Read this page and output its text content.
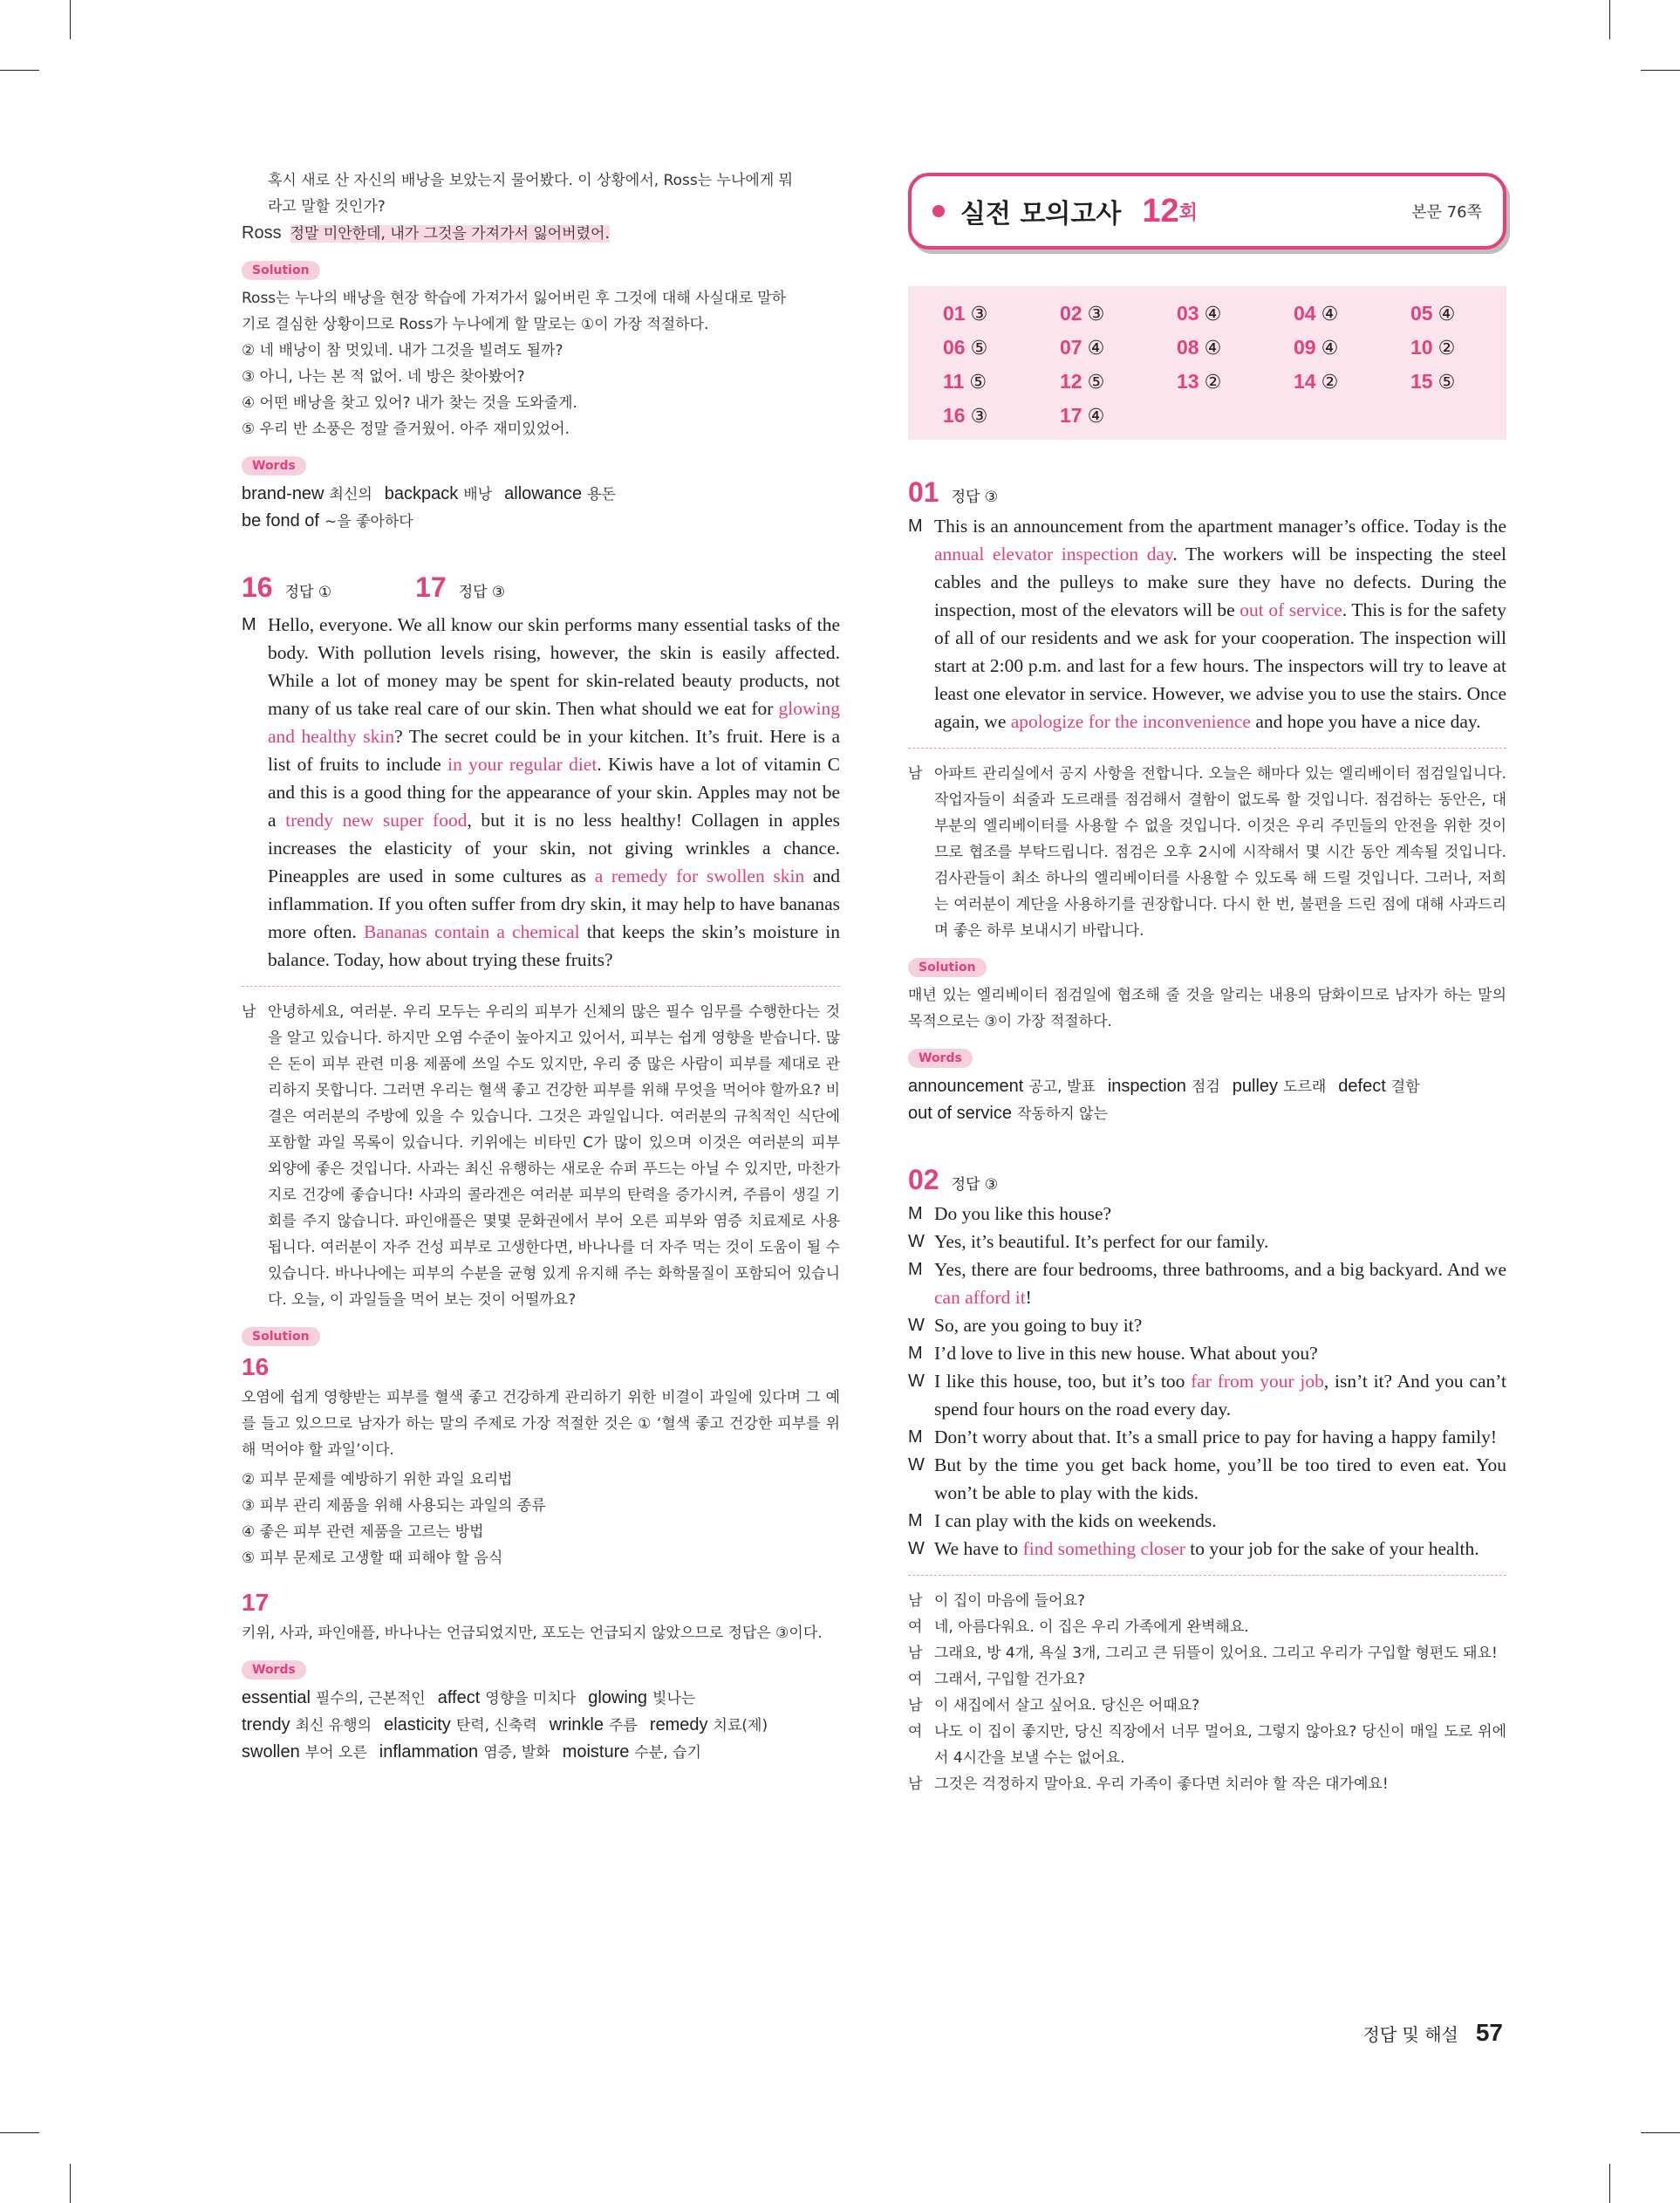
혹시 새로 산 자신의 배낭을 보았는지 물어봤다. 이 상황에서, Ross는 누나에게 뭐
라고 말할 것인가?
Ross 정말 미안한데, 내가 그것을 가져가서 잃어버렸어.
Solution
Ross는 누나의 배낭을 현장 학습에 가져가서 잃어버린 후 그것에 대해 사실대로 말하
기로 결심한 상황이므로 Ross가 누나에게 할 말로는 ①이 가장 적절하다.
② 네 배낭이 참 멋있네. 내가 그것을 빌려도 될까?
③ 아니, 나는 본 적 없어. 네 방은 찾아봤어?
④ 어떤 배낭을 찾고 있어? 내가 찾는 것을 도와줄게.
⑤ 우리 반 소풍은 정말 즐거웠어. 아주 재미있었어.
Words
brand-new 최신의 backpack 배낭 allowance 용돈
be fond of ~을 좋아하다
16 정답 ①	17 정답 ③
M Hello, everyone. We all know our skin performs many essential tasks of the body. With pollution levels rising, however, the skin is easily affected. While a lot of money may be spent for skin-related beauty products, not many of us take real care of our skin. Then what should we eat for glowing and healthy skin? The secret could be in your kitchen. It’s fruit. Here is a list of fruits to include in your regular diet. Kiwis have a lot of vitamin C and this is a good thing for the appearance of your skin. Apples may not be a trendy new super food, but it is no less healthy! Collagen in apples increases the elasticity of your skin, not giving wrinkles a chance. Pineapples are used in some cultures as a remedy for swollen skin and inflammation. If you often suffer from dry skin, it may help to have bananas more often. Bananas contain a chemical that keeps the skin’s moisture in balance. Today, how about trying these fruits?
남 안녕하세요, 여러분. 우리 모두는 우리의 피부가 신체의 많은 필수 임무를 수행한다는 것을 알고 있습니다. 하지만 오염 수준이 높아지고 있어서, 피부는 쉽게 영향을 받습니다. 많은 돈이 피부 관련 미용 제품에 쓰일 수도 있지만, 우리 중 많은 사람이 피부를 제대로 관리하지 못합니다. 그러면 우리는 혈색 좋고 건강한 피부를 위해 무엇을 먹어야 할까요? 비결은 여러분의 주방에 있을 수 있습니다. 그것은 과일입니다. 여러분의 규칙적인 식단에 포함할 과일 목록이 있습니다. 키위에는 비타민 C가 많이 있으며 이것은 여러분의 피부 외양에 좋은 것입니다. 사과는 최신 유행하는 새로운 슈퍼 푸드는 아닐 수 있지만, 마찬가지로 건강에 좋습니다! 사과의 콜라겐은 여러분 피부의 탄력을 증가시켜, 주름이 생길 기회를 주지 않습니다. 파인애플은 몇몇 문화권에서 부어 오른 피부와 염증 치료제로 사용됩니다. 여러분이 자주 건성 피부로 고생한다면, 바나나를 더 자주 먹는 것이 도움이 될 수 있습니다. 바나나에는 피부의 수분을 균형 있게 유지해 주는 화학물질이 포함되어 있습니다. 오늘, 이 과일들을 먹어 보는 것이 어떨까요?
Solution
16
오염에 쉽게 영향받는 피부를 혈색 좋고 건강하게 관리하기 위한 비결이 과일에 있다며 그 예를 들고 있으므로 남자가 하는 말의 주제로 가장 적절한 것은 ① ‘혈색 좋고 건강한 피부를 위해 먹어야 할 과일’이다.
② 피부 문제를 예방하기 위한 과일 요리법
③ 피부 관리 제품을 위해 사용되는 과일의 종류
④ 좋은 피부 관련 제품을 고르는 방법
⑤ 피부 문제로 고생할 때 피해야 할 음식
17
키위, 사과, 파인애플, 바나나는 언급되었지만, 포도는 언급되지 않았으므로 정답은 ③이다.
Words
essential 필수의, 근본적인 affect 영향을 미치다 glowing 빛나는
trendy 최신 유행의 elasticity 탄력, 신축력 wrinkle 주름 remedy 치료(제)
swollen 부어 오른 inflammation 염증, 발화 moisture 수분, 습기
실전 모의고사 12 회	본문 76쪽
01 ③	02 ③	03 ④	04 ④	05 ④
06 ⑤	07 ④	08 ④	09 ④	10 ②
11 ⑤	12 ⑤	13 ②	14 ②	15 ⑤
16 ③	17 ④
01 정답 ③
M This is an announcement from the apartment manager’s office. Today is the annual elevator inspection day. The workers will be inspecting the steel cables and the pulleys to make sure they have no defects. During the inspection, most of the elevators will be out of service. This is for the safety of all of our residents and we ask for your cooperation. The inspection will start at 2:00 p.m. and last for a few hours. The inspectors will try to leave at least one elevator in service. However, we advise you to use the stairs. Once again, we apologize for the inconvenience and hope you have a nice day.
남 아파트 관리실에서 공지 사항을 전합니다. 오늘은 해마다 있는 엘리베이터 점검일입니다. 작업자들이 쇠줄과 도르래를 점검해서 결함이 없도록 할 것입니다. 점검하는 동안은, 대부분의 엘리베이터를 사용할 수 없을 것입니다. 이것은 우리 주민들의 안전을 위한 것이므로 협조를 부탁드립니다. 점검은 오후 2시에 시작해서 몇 시간 동안 계속될 것입니다. 검사관들이 최소 하나의 엘리베이터를 사용할 수 있도록 해 드릴 것입니다. 그러나, 저희는 여러분이 계단을 사용하기를 권장합니다. 다시 한 번, 불편을 드린 점에 대해 사과드리며 좋은 하루 보내시기 바랍니다.
Solution
매년 있는 엘리베이터 점검일에 협조해 줄 것을 알리는 내용의 담화이므로 남자가 하는 말의 목적으로는 ③이 가장 적절하다.
Words
announcement 공고, 발표 inspection 점검 pulley 도르래 defect 결함
out of service 작동하지 않는
02 정답 ③
M Do you like this house?
W Yes, it’s beautiful. It’s perfect for our family.
M Yes, there are four bedrooms, three bathrooms, and a big backyard. And we can afford it!
W So, are you going to buy it?
M I’d love to live in this new house. What about you?
W I like this house, too, but it’s too far from your job, isn’t it? And you can’t spend four hours on the road every day.
M Don’t worry about that. It’s a small price to pay for having a happy family!
W But by the time you get back home, you’ll be too tired to even eat. You won’t be able to play with the kids.
M I can play with the kids on weekends.
W We have to find something closer to your job for the sake of your health.
남 이 집이 마음에 들어요?
여 네, 아름다워요. 이 집은 우리 가족에게 완벽해요.
남 그래요, 방 4개, 욕실 3개, 그리고 큰 뒤뜰이 있어요. 그리고 우리가 구입할 형편도 돼요!
여 그래서, 구입할 건가요?
남 이 새집에서 살고 싶어요. 당신은 어때요?
여 나도 이 집이 좋지만, 당신 직장에서 너무 멀어요, 그렇지 않아요? 당신이 매일 도로 위에서 4시간을 보낼 수는 없어요.
남 그것은 걱정하지 말아요. 우리 가족이 좋다면 치러야 할 작은 대가예요!
정답 및 해설 57
